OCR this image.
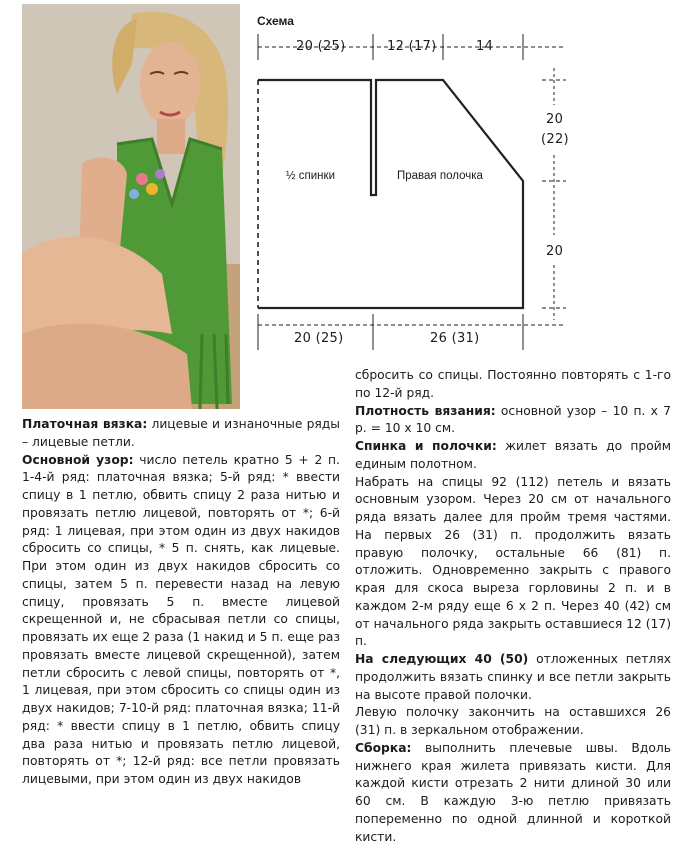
Схема
20 (25)	12 (17)	14
20
(22)
20
20 (25)	26 (31)
½ спинки	Правая полочка

Платочная вязка: лицевые и изнаночные ряды – лицевые петли.

Основной узор: число петель кратно 5 + 2 п. 1-4-й ряд: платочная вязка; 5-й ряд: * ввести спицу в 1 петлю, обвить спицу 2 раза нитью и провязать петлю лицевой, повторять от *; 6-й ряд: 1 лицевая, при этом один из двух накидов сбросить со спицы, * 5 п. снять, как лицевые. При этом один из двух накидов сбросить со спицы, затем 5 п. перевести назад на левую спицу, провязать 5 п. вместе лицевой скрещенной и, не сбрасывая петли со спицы, провязать их еще 2 раза (1 накид и 5 п. еще раз провязать вместе лицевой скрещенной), затем петли сбросить с левой спицы, повторять от *, 1 лицевая, при этом сбросить со спицы один из двух накидов; 7-10-й ряд: платочная вязка; 11-й ряд: * ввести спицу в 1 петлю, обвить спицу два раза нитью и провязать петлю лицевой, повторять от *; 12-й ряд: все петли провязать лицевыми, при этом один из двух накидов

сбросить со спицы. Постоянно повторять с 1-го по 12-й ряд.

Плотность вязания: основной узор – 10 п. х 7 р. = 10 х 10 см.

Спинка и полочки: жилет вязать до пройм единым полотном.

Набрать на спицы 92 (112) петель и вязать основным узором. Через 20 см от начального ряда вязать далее для пройм тремя частями. На первых 26 (31) п. продолжить вязать правую полочку, остальные 66 (81) п. отложить. Одновременно закрыть с правого края для скоса выреза горловины 2 п. и в каждом 2-м ряду еще 6 х 2 п. Через 40 (42) см от начального ряда закрыть оставшиеся 12 (17) п.

На следующих 40 (50) отложенных петлях продолжить вязать спинку и все петли закрыть на высоте правой полочки.

Левую полочку закончить на оставшихся 26 (31) п. в зеркальном отображении.

Сборка: выполнить плечевые швы. Вдоль нижнего края жилета привязать кисти. Для каждой кисти отрезать 2 нити длиной 30 или 60 см. В каждую 3-ю петлю привязать попеременно по одной длинной и короткой кисти.
